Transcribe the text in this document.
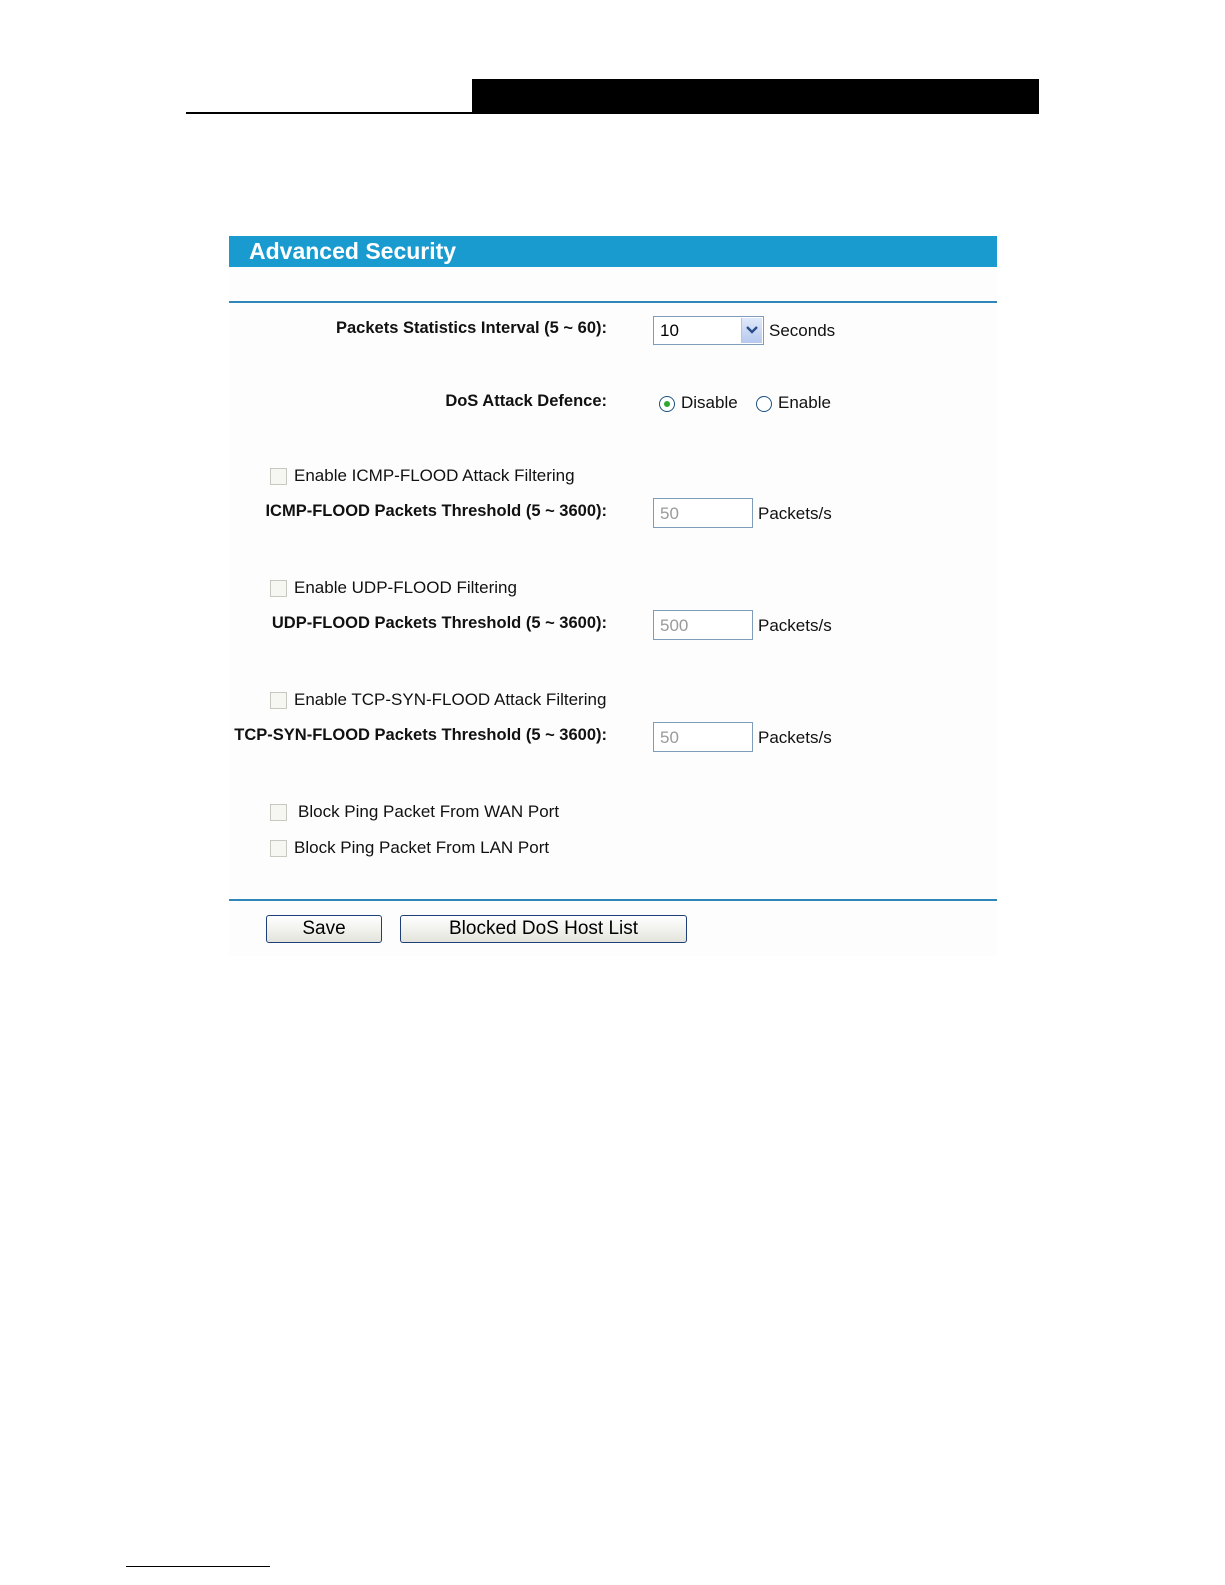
Advanced Security
Packets Statistics Interval (5 ~ 60):	10	Seconds
DoS Attack Defence:	Disable Enable
Enable ICMP-FLOOD Attack Filtering
ICMP-FLOOD Packets Threshold (5 ~ 3600):	50	Packets/s
Enable UDP-FLOOD Filtering
UDP-FLOOD Packets Threshold (5 ~ 3600):	500	Packets/s
Enable TCP-SYN-FLOOD Attack Filtering
TCP-SYN-FLOOD Packets Threshold (5 ~ 3600):	50	Packets/s
Block Ping Packet From WAN Port
Block Ping Packet From LAN Port
Save	Blocked DoS Host List
